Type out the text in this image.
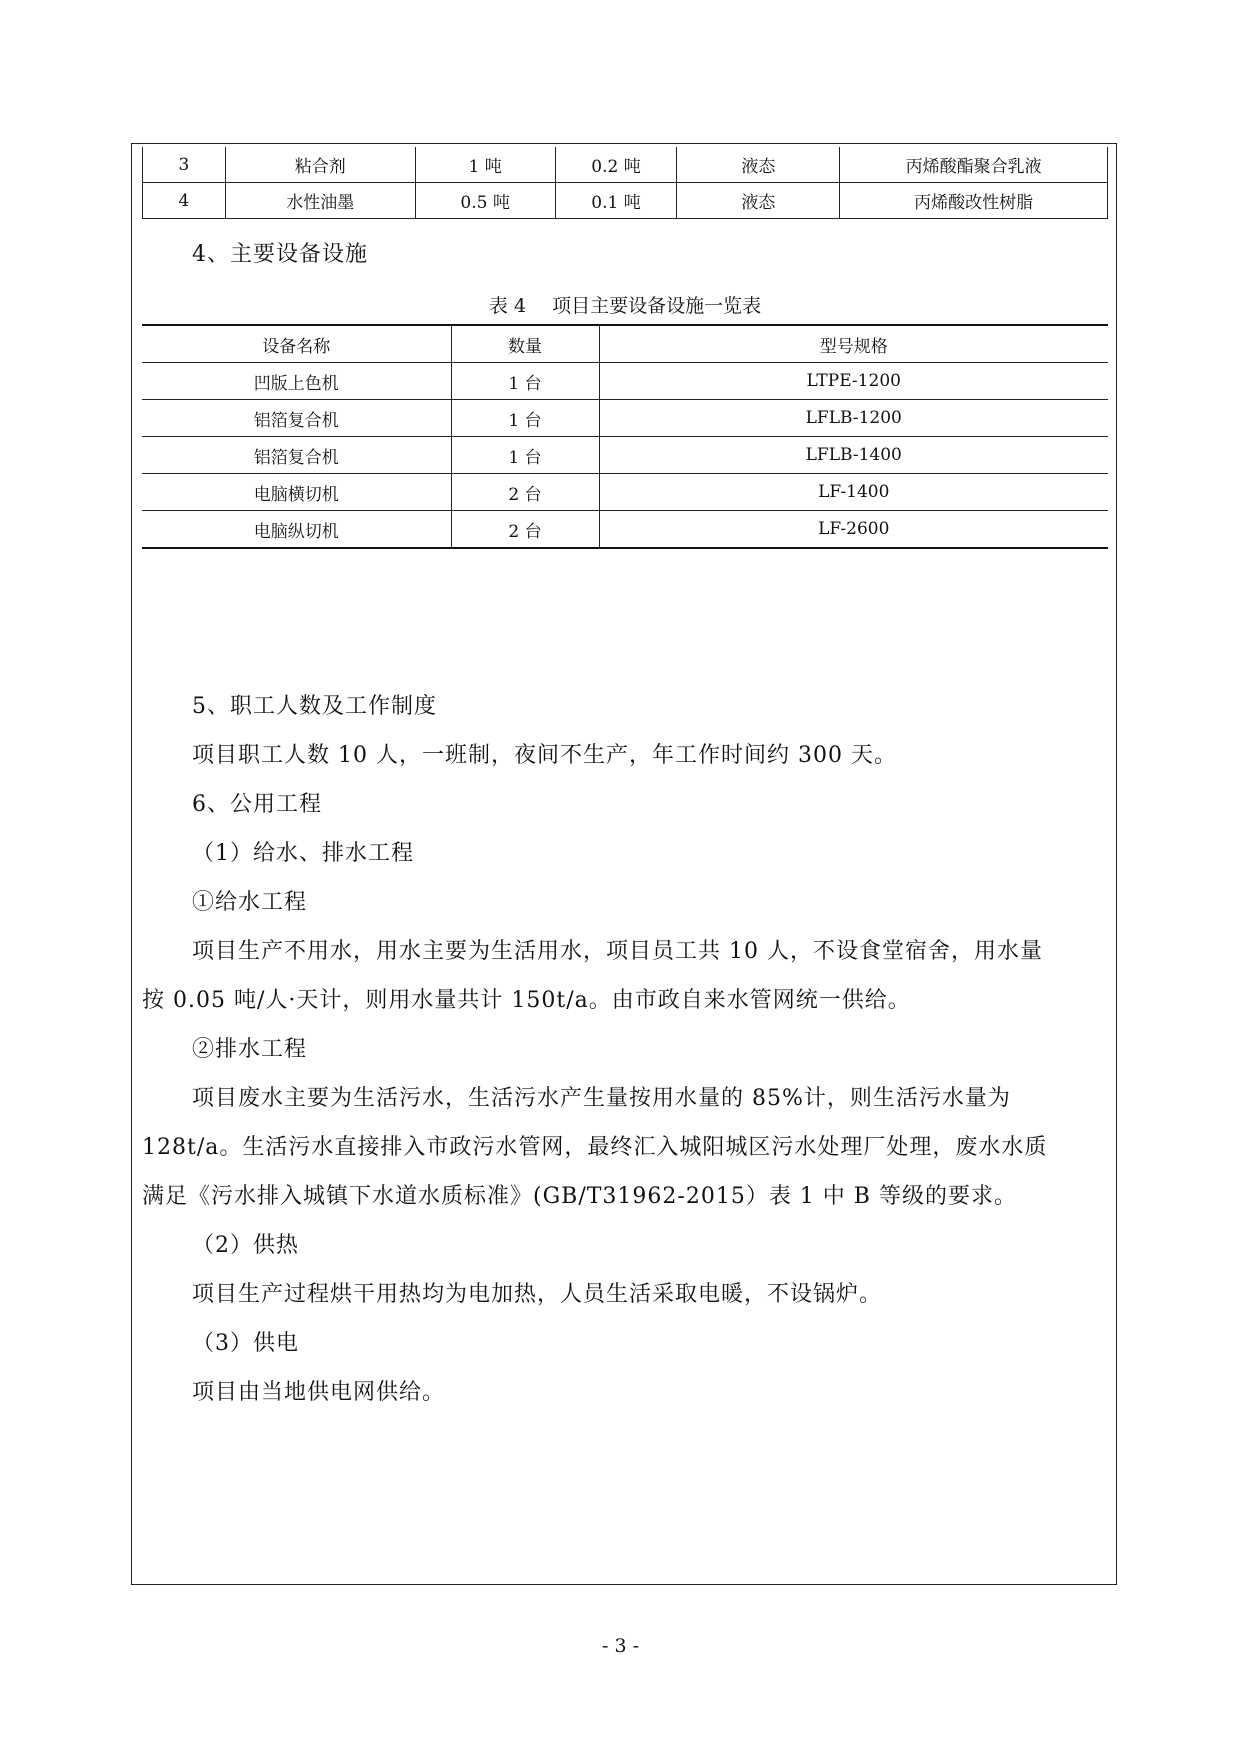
3	粘合剂	1 吨	0.2 吨	液态	丙烯酸酯聚合乳液
4	水性油墨	0.5 吨	0.1 吨	液态	丙烯酸改性树脂
4、主要设备设施
表 4 项目主要设备设施一览表
设备名称	数量	型号规格
凹版上色机	1 台	LTPE-1200
铝箔复合机	1 台	LFLB-1200
铝箔复合机	1 台	LFLB-1400
电脑横切机	2 台	LF-1400
电脑纵切机	2 台	LF-2600
5、职工人数及工作制度
项目职工人数 10 人，一班制，夜间不生产，年工作时间约 300 天。
6、公用工程
（1）给水、排水工程
①给水工程
项目生产不用水，用水主要为生活用水，项目员工共 10 人，不设食堂宿舍，用水量
按 0.05 吨/人·天计，则用水量共计 150t/a。由市政自来水管网统一供给。
②排水工程
项目废水主要为生活污水，生活污水产生量按用水量的 85%计，则生活污水量为
128t/a。生活污水直接排入市政污水管网，最终汇入城阳城区污水处理厂处理，废水水质
满足《污水排入城镇下水道水质标准》(GB/T31962-2015）表 1 中 B 等级的要求。
（2）供热
项目生产过程烘干用热均为电加热，人员生活采取电暖，不设锅炉。
（3）供电
项目由当地供电网供给。
- 3 -
